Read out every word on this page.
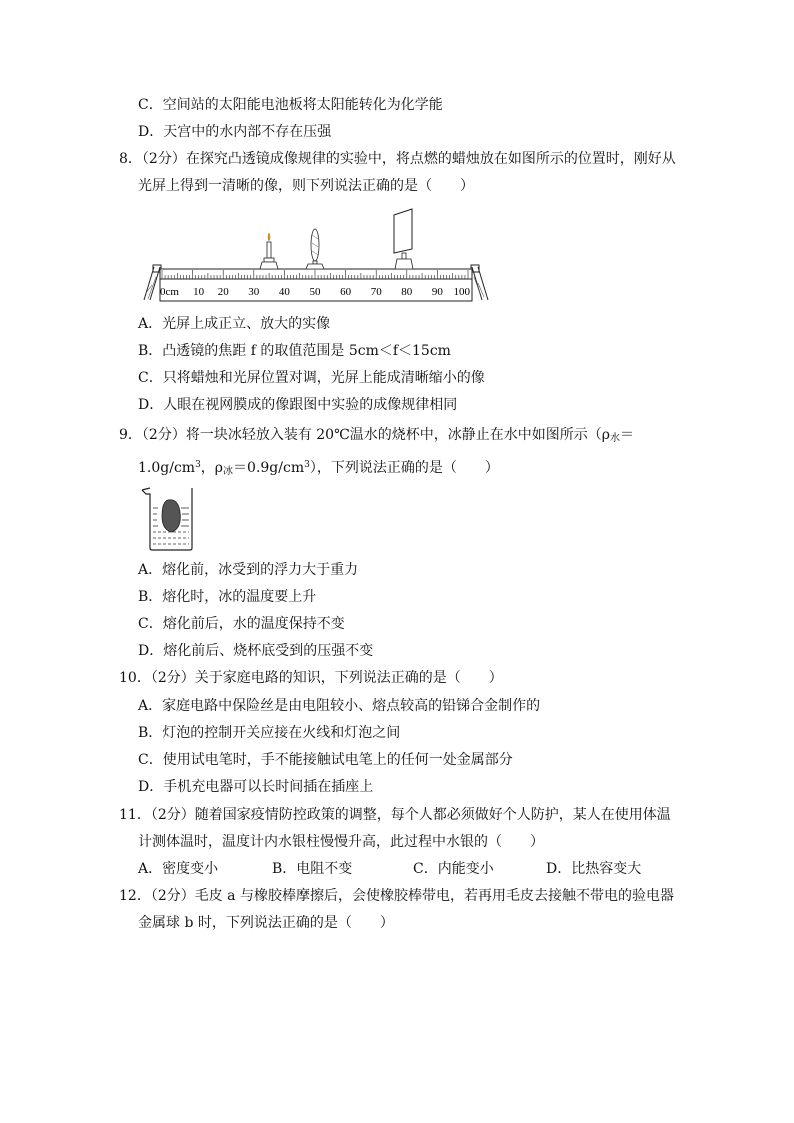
C．空间站的太阳能电池板将太阳能转化为化学能
D．天宫中的水内部不存在压强
8．（2分）在探究凸透镜成像规律的实验中，将点燃的蜡烛放在如图所示的位置时，刚好从
光屏上得到一清晰的像，则下列说法正确的是（　　）
0cm 10 20 30 40 50 60 70 80 90 100
A．光屏上成正立、放大的实像
B．凸透镜的焦距 f 的取值范围是 5cm＜f＜15cm
C．只将蜡烛和光屏位置对调，光屏上能成清晰缩小的像
D．人眼在视网膜成的像跟图中实验的成像规律相同
9．（2分）将一块冰轻放入装有 20℃温水的烧杯中，冰静止在水中如图所示（$\rho_水=$
$1.0g/cm^3$，$\rho_冰=0.9g/cm^3$），下列说法正确的是（　　）
A．熔化前，冰受到的浮力大于重力
B．熔化时，冰的温度要上升
C．熔化前后，水的温度保持不变
D．熔化前后、烧杯底受到的压强不变
10．（2分）关于家庭电路的知识，下列说法正确的是（　　）
A．家庭电路中保险丝是由电阻较小、熔点较高的铅锑合金制作的
B．灯泡的控制开关应接在火线和灯泡之间
C．使用试电笔时，手不能接触试电笔上的任何一处金属部分
D．手机充电器可以长时间插在插座上
11．（2分）随着国家疫情防控政策的调整，每个人都必须做好个人防护，某人在使用体温
计测体温时，温度计内水银柱慢慢升高，此过程中水银的（　　）
A．密度变小	B．电阻不变	C．内能变小	D．比热容变大
12．（2分）毛皮 a 与橡胶棒摩擦后，会使橡胶棒带电，若再用毛皮去接触不带电的验电器
金属球 b 时，下列说法正确的是（　　）
